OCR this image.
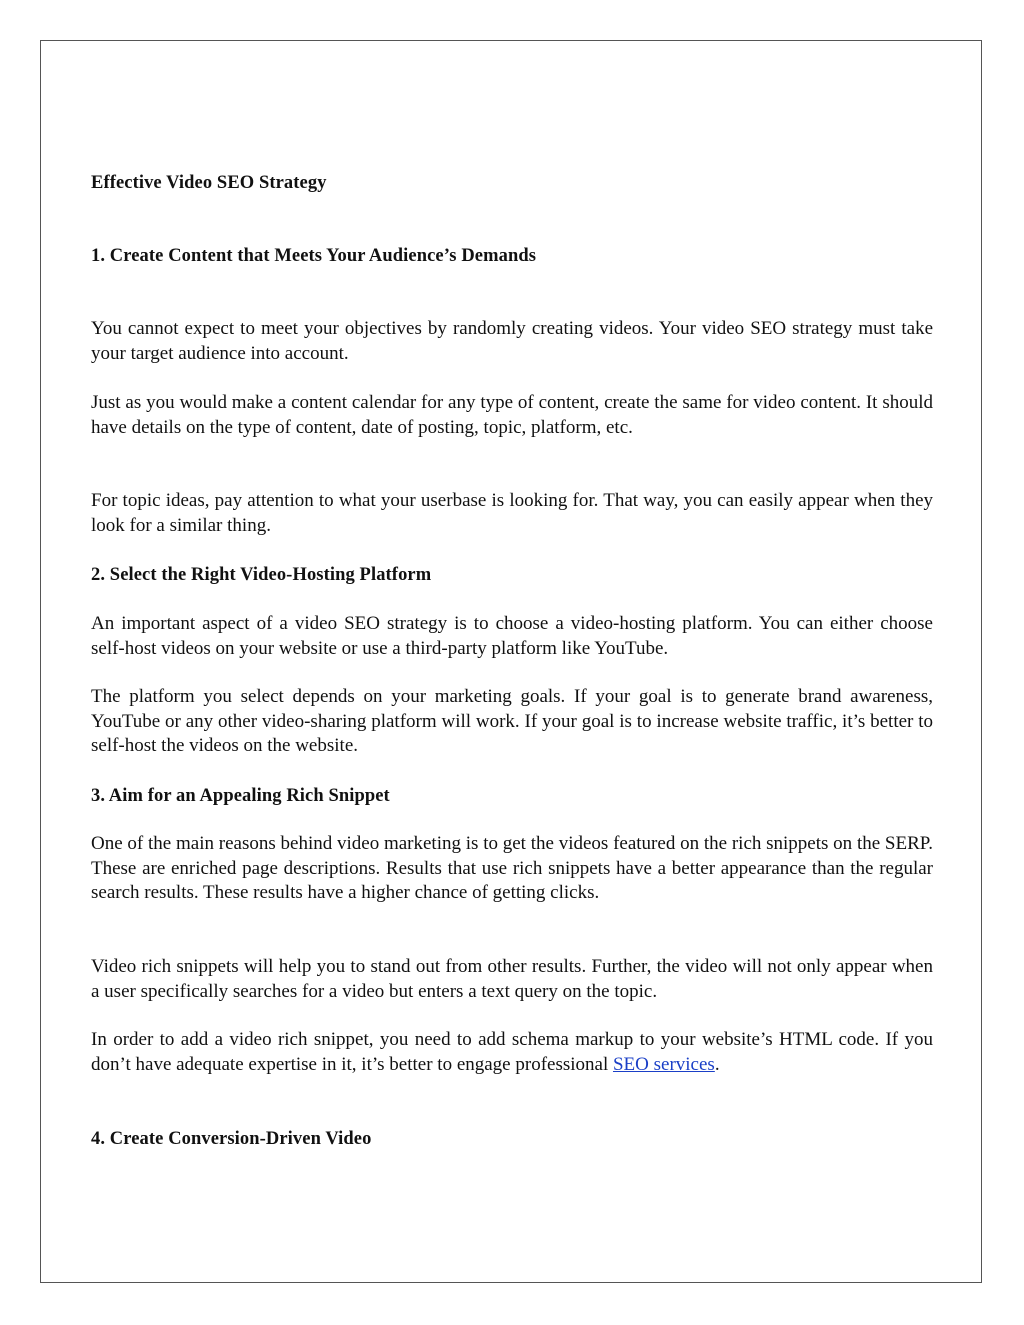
Effective Video SEO Strategy
1. Create Content that Meets Your Audience’s Demands

You cannot expect to meet your objectives by randomly creating videos. Your video SEO strategy must take your target audience into account.

Just as you would make a content calendar for any type of content, create the same for video content. It should have details on the type of content, date of posting, topic, platform, etc.

For topic ideas, pay attention to what your userbase is looking for. That way, you can easily appear when they look for a similar thing.

2. Select the Right Video-Hosting Platform

An important aspect of a video SEO strategy is to choose a video-hosting platform. You can either choose self-host videos on your website or use a third-party platform like YouTube.

The platform you select depends on your marketing goals. If your goal is to generate brand awareness, YouTube or any other video-sharing platform will work. If your goal is to increase website traffic, it’s better to self-host the videos on the website.

3. Aim for an Appealing Rich Snippet

One of the main reasons behind video marketing is to get the videos featured on the rich snippets on the SERP. These are enriched page descriptions. Results that use rich snippets have a better appearance than the regular search results. These results have a higher chance of getting clicks.

Video rich snippets will help you to stand out from other results. Further, the video will not only appear when a user specifically searches for a video but enters a text query on the topic.

In order to add a video rich snippet, you need to add schema markup to your website’s HTML code. If you don’t have adequate expertise in it, it’s better to engage professional SEO services.

4. Create Conversion-Driven Video
